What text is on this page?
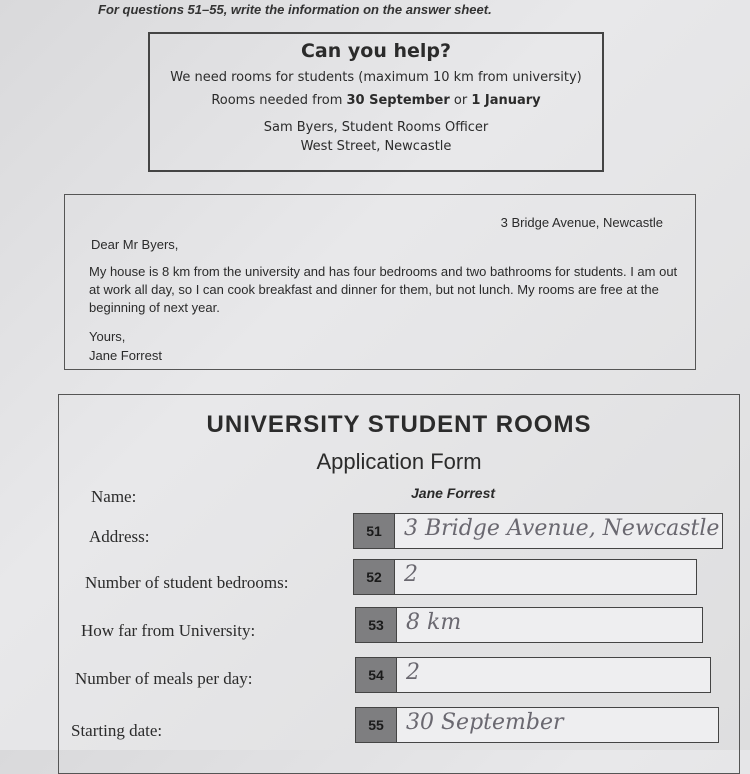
For questions 51–55, write the information on the answer sheet.
Can you help?
We need rooms for students (maximum 10 km from university)
Rooms needed from 30 September or 1 January
Sam Byers, Student Rooms Officer
West Street, Newcastle
3 Bridge Avenue, Newcastle
Dear Mr Byers,
My house is 8 km from the university and has four bedrooms and two bathrooms for students. I am out at work all day, so I can cook breakfast and dinner for them, but not lunch. My rooms are free at the beginning of next year.
Yours,
Jane Forrest
UNIVERSITY STUDENT ROOMS
Application Form
Name:	Jane Forrest
Address:	51	3 Bridge Avenue, Newcastle
Number of student bedrooms:	52	2
How far from University:	53	8 km
Number of meals per day:	54	2
Starting date:	55	30 September
